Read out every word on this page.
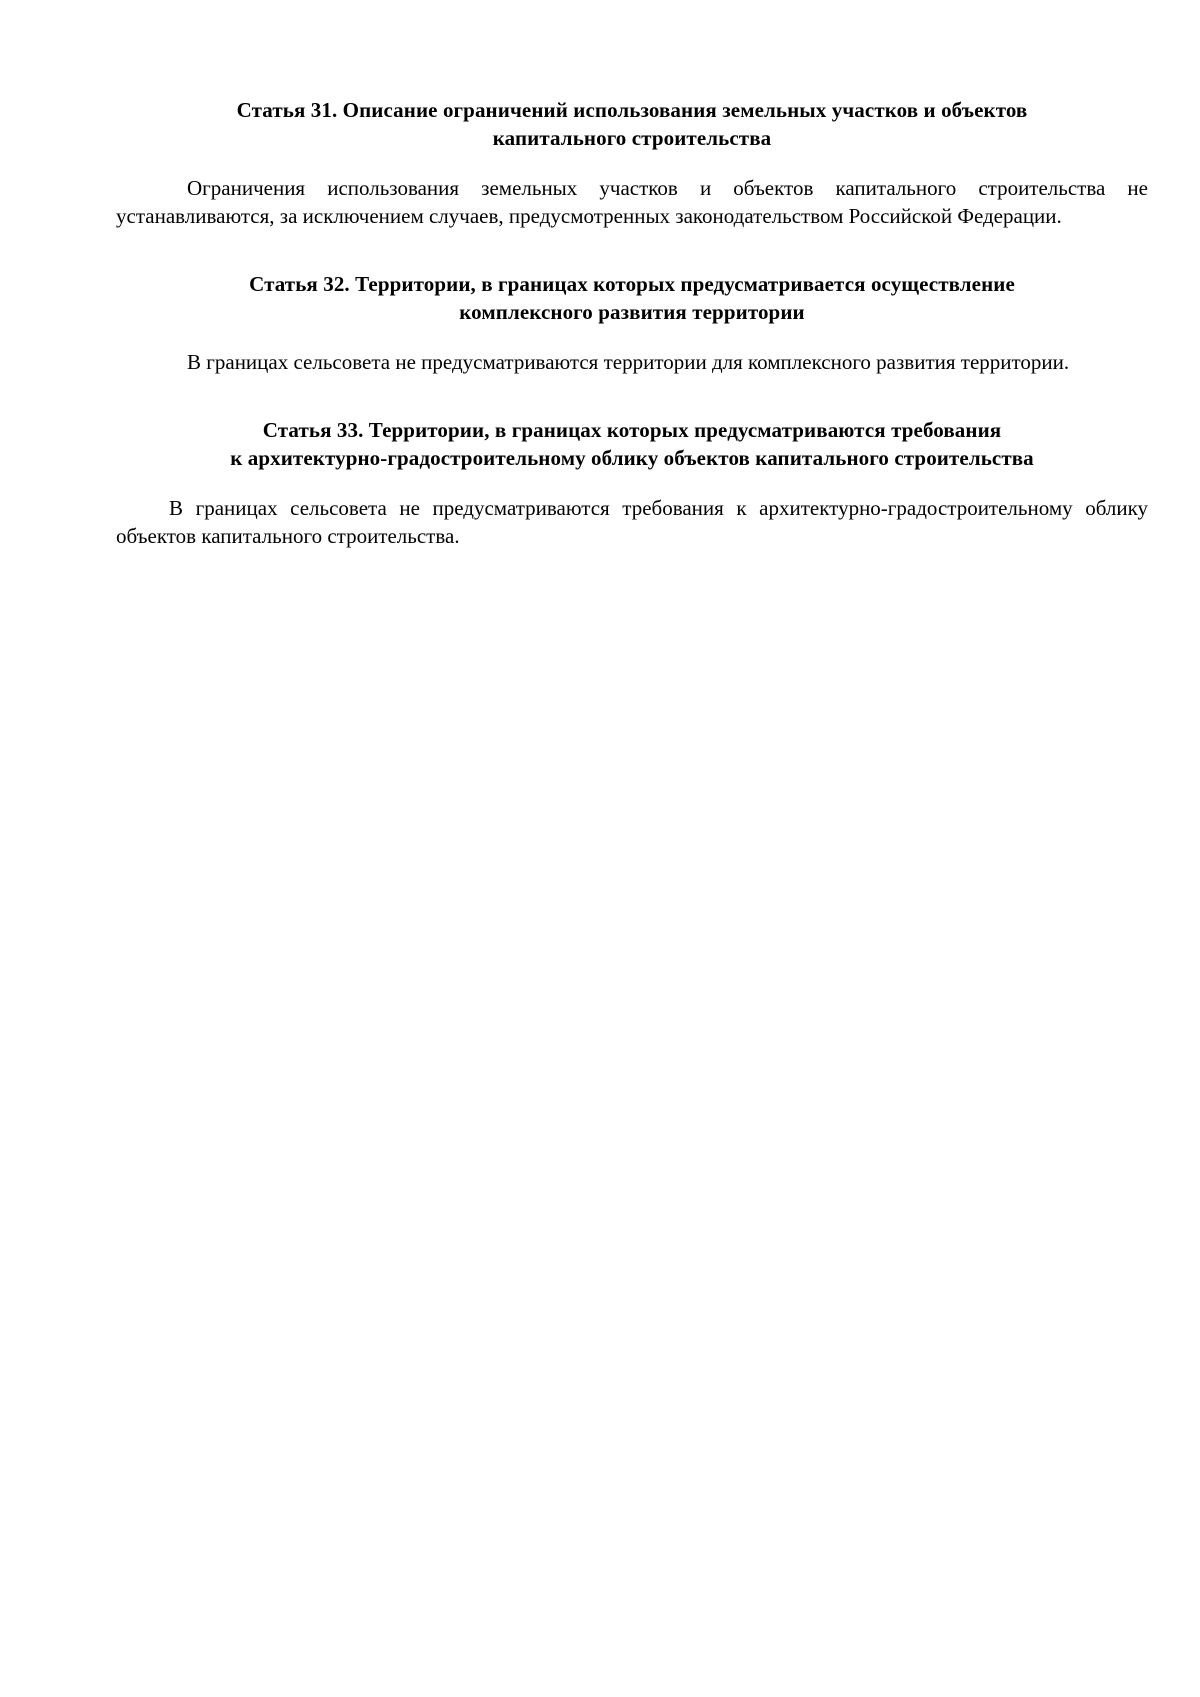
Статья 31. Описание ограничений использования земельных участков и объектов
капитального строительства

Ограничения использования земельных участков и объектов капитального строительства не устанавливаются, за исключением случаев, предусмотренных законодательством Российской Федерации.

Статья 32. Территории, в границах которых предусматривается осуществление
комплексного развития территории

В границах сельсовета не предусматриваются территории для комплексного развития территории.

Статья 33. Территории, в границах которых предусматриваются требования
к архитектурно-градостроительному облику объектов капитального строительства

В границах сельсовета не предусматриваются требования к архитектурно-градостроительному облику объектов капитального строительства.
